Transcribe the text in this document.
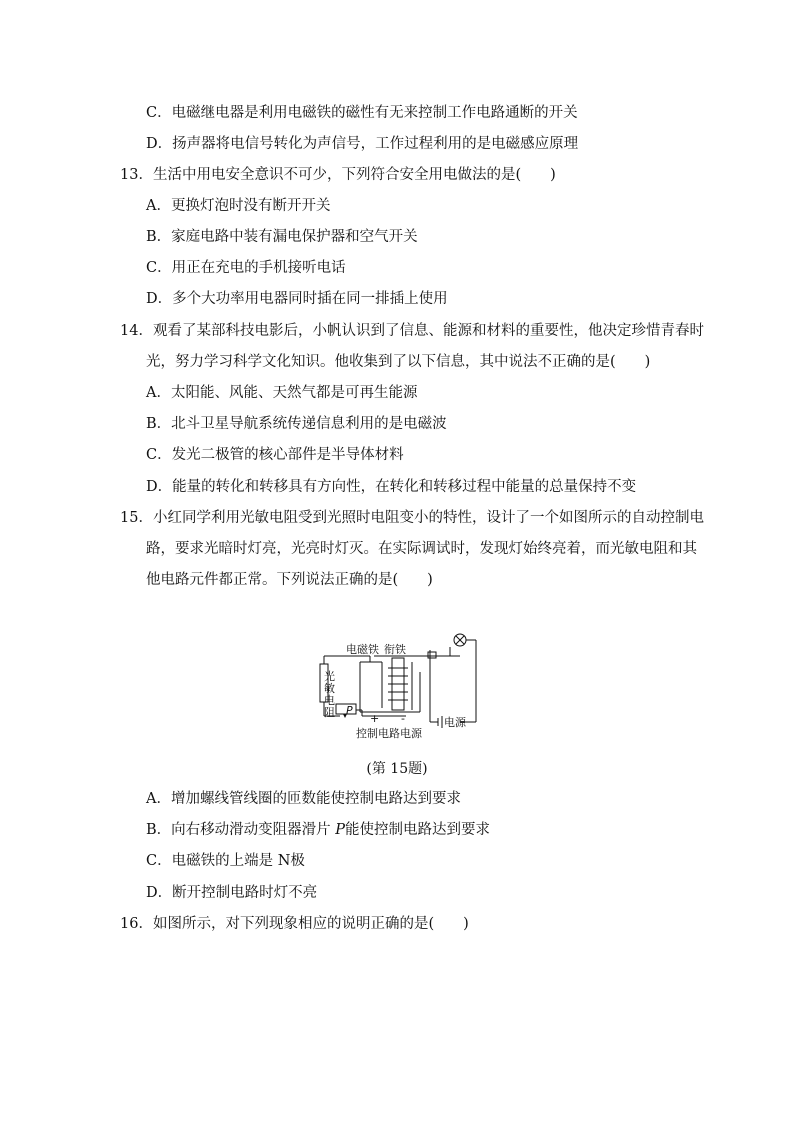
C．电磁继电器是利用电磁铁的磁性有无来控制工作电路通断的开关
D．扬声器将电信号转化为声信号，工作过程利用的是电磁感应原理
13．生活中用电安全意识不可少，下列符合安全用电做法的是(　　)
A．更换灯泡时没有断开开关
B．家庭电路中装有漏电保护器和空气开关
C．用正在充电的手机接听电话
D．多个大功率用电器同时插在同一排插上使用
14．观看了某部科技电影后，小帆认识到了信息、能源和材料的重要性，他决定珍惜青春时
光，努力学习科学文化知识。他收集到了以下信息，其中说法不正确的是(　　)
A．太阳能、风能、天然气都是可再生能源
B．北斗卫星导航系统传递信息利用的是电磁波
C．发光二极管的核心部件是半导体材料
D．能量的转化和转移具有方向性，在转化和转移过程中能量的总量保持不变
15．小红同学利用光敏电阻受到光照时电阻变小的特性，设计了一个如图所示的自动控制电
路，要求光暗时灯亮，光亮时灯灭。在实际调试时，发现灯始终亮着，而光敏电阻和其
他电路元件都正常。下列说法正确的是(　　)
电磁铁 衔铁
光
敏
电
阻 P
+ -
控制电路电源
电源
(第 15题)
A．增加螺线管线圈的匝数能使控制电路达到要求
B．向右移动滑动变阻器滑片 P能使控制电路达到要求
C．电磁铁的上端是 N极
D．断开控制电路时灯不亮
16．如图所示，对下列现象相应的说明正确的是(　　)
